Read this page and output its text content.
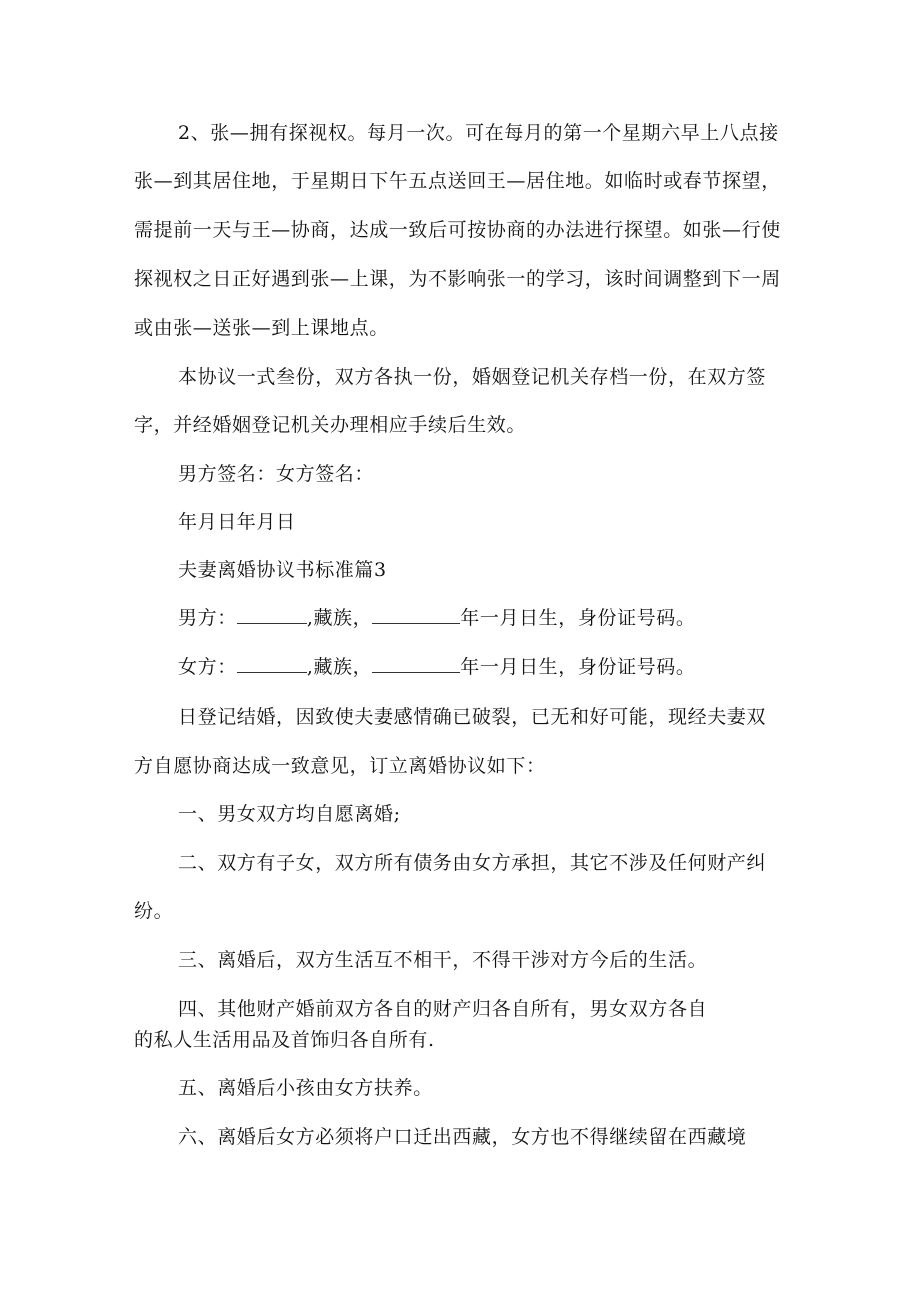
2、张—拥有探视权。每月一次。可在每月的第一个星期六早上八点接
张—到其居住地，于星期日下午五点送回王—居住地。如临时或春节探望，
需提前一天与王—协商，达成一致后可按协商的办法进行探望。如张—行使
探视权之日正好遇到张—上课，为不影响张一的学习，该时间调整到下一周
或由张—送张—到上课地点。
本协议一式叁份，双方各执一份，婚姻登记机关存档一份，在双方签
字，并经婚姻登记机关办理相应手续后生效。
男方签名：女方签名：
年月日年月日
夫妻离婚协议书标准篇3
男方：	,藏族，	年一月日生，身份证号码。
女方：	,藏族，	年一月日生，身份证号码。
日登记结婚，因致使夫妻感情确已破裂，已无和好可能，现经夫妻双
方自愿协商达成一致意见，订立离婚协议如下：
一、男女双方均自愿离婚;
二、双方有子女，双方所有债务由女方承担，其它不涉及任何财产纠
纷。
三、离婚后，双方生活互不相干，不得干涉对方今后的生活。
四、其他财产婚前双方各自的财产归各自所有，男女双方各自
的私人生活用品及首饰归各自所有.
五、离婚后小孩由女方扶养。
六、离婚后女方必须将户口迁出西藏，女方也不得继续留在西藏境
